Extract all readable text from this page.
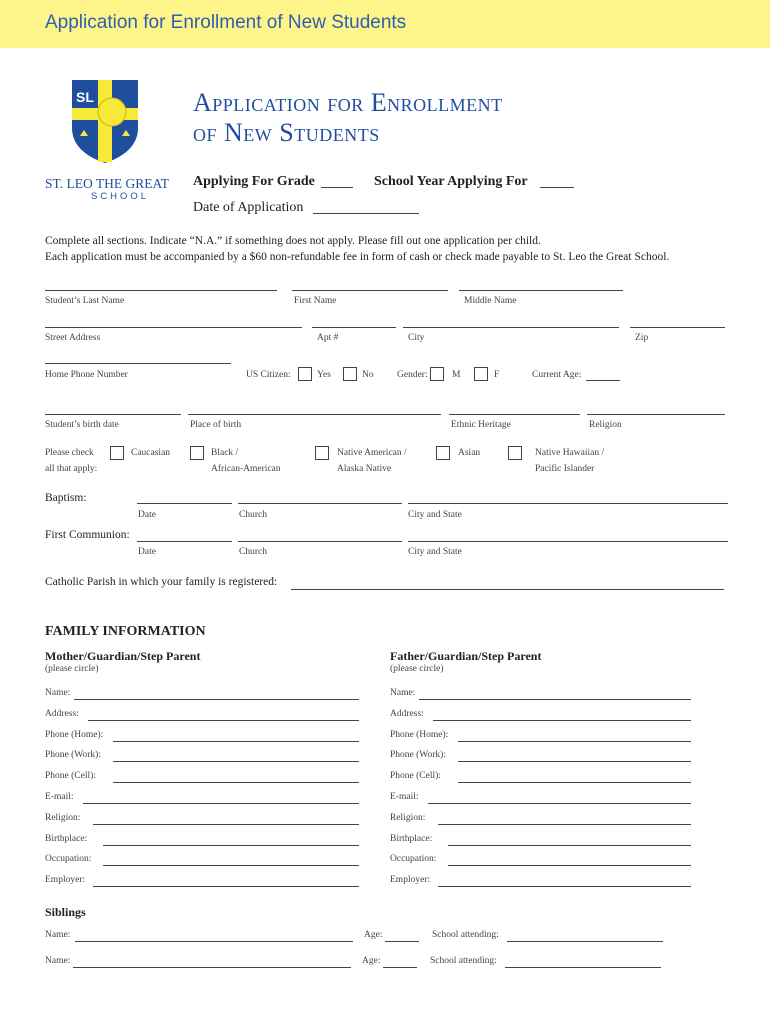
Application for Enrollment of New Students
SL
ST. LEO THE GREAT
SCHOOL
Application for Enrollment
of New Students
Applying For Grade	School Year Applying For
Date of Application
Complete all sections. Indicate “N.A.” if something does not apply. Please fill out one application per child.
Each application must be accompanied by a $60 non-refundable fee in form of cash or check made payable to St. Leo the Great School.
Student’s Last Name	First Name	Middle Name
Street Address	Apt #	City	Zip
Home Phone Number	US Citizen:	Yes	No Gender:	M	F	Current Age:
Student’s birth date	Place of birth	Ethnic Heritage	Religion
Please check
all that apply:
Caucasian	Black /
African-American
Native American /
Alaska Native
Asian	Native Hawaiian /
Pacific Islander
Baptism:
Date	Church	City and State
First Communion:
Date	Church	City and State
Catholic Parish in which your family is registered:
FAMILY INFORMATION
Mother/Guardian/Step Parent
(please circle)
Father/Guardian/Step Parent
(please circle)
Name:	Name:
Address:	Address:
Phone (Home):	Phone (Home):
Phone (Work):	Phone (Work):
Phone (Cell):	Phone (Cell):
E-mail:	E-mail:
Religion:	Religion:
Birthplace:	Birthplace:
Occupation:	Occupation:
Employer:	Employer:
Siblings
Name:	Age:	School attending:
Name:	Age:	School attending:
